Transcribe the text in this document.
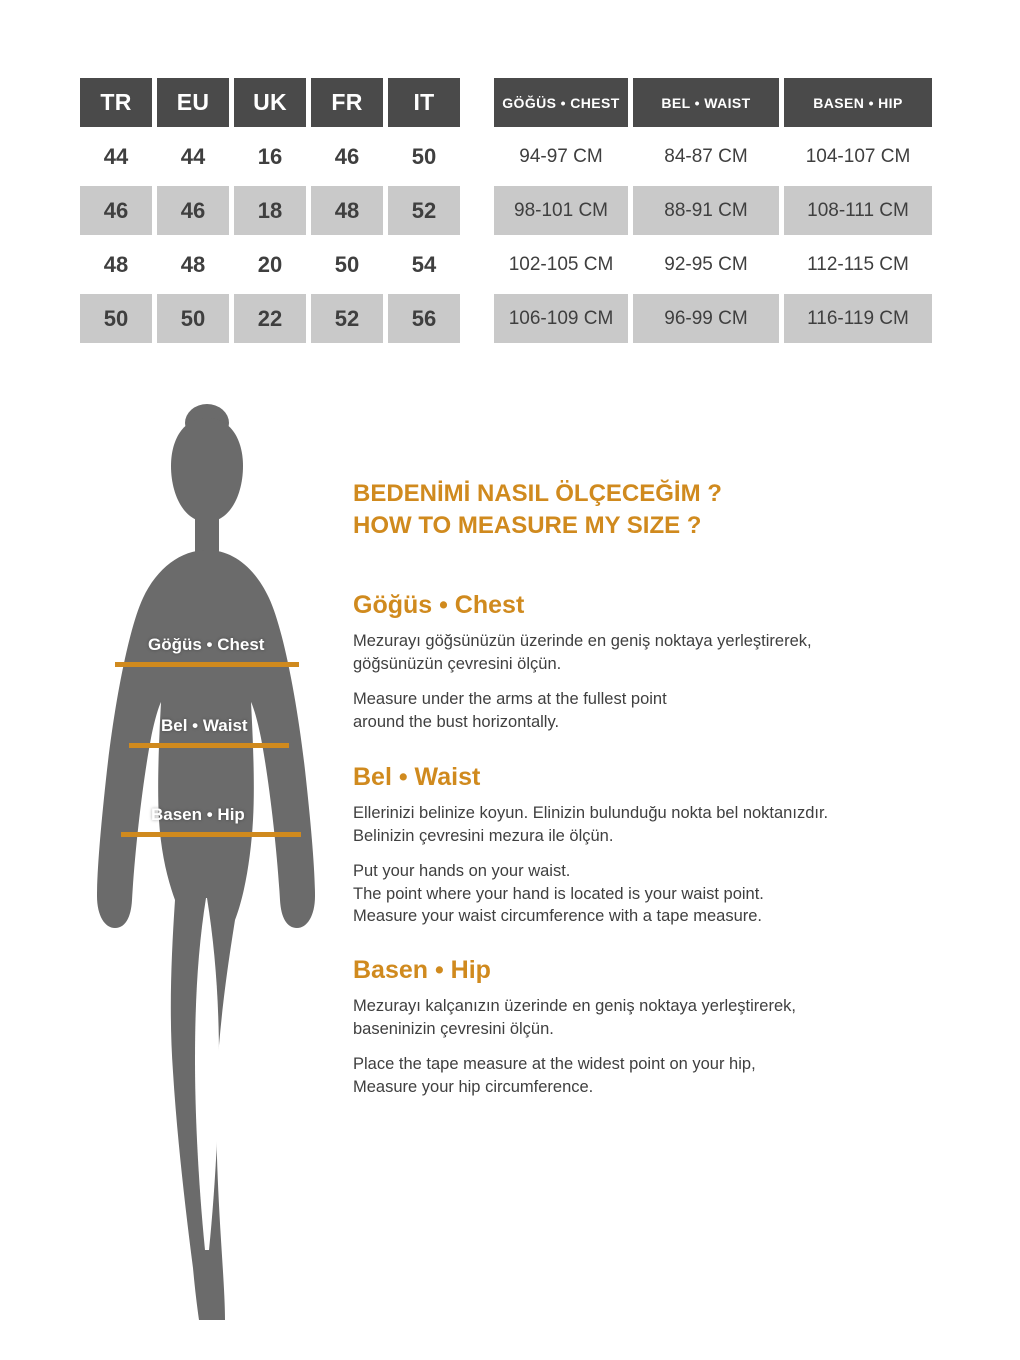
TR	EU	UK	FR	IT
44	44	16	46	50
46	46	18	48	52
48	48	20	50	54
50	50	22	52	56
GÖĞÜS • CHEST	BEL • WAIST	BASEN • HIP
94-97 CM	84-87 CM	104-107 CM
98-101 CM	88-91 CM	108-111 CM
102-105 CM	92-95 CM	112-115 CM
106-109 CM	96-99 CM	116-119 CM
Göğüs • Chest
Bel • Waist
Basen • Hip
BEDENİMİ NASIL ÖLÇECEĞİM ?
HOW TO MEASURE MY SIZE ?
Göğüs • Chest

Mezurayı göğsünüzün üzerinde en geniş noktaya yerleştirerek,
göğsünüzün çevresini ölçün.

Measure under the arms at the fullest point
around the bust horizontally.

Bel • Waist

Ellerinizi belinize koyun. Elinizin bulunduğu nokta bel noktanızdır.
Belinizin çevresini mezura ile ölçün.

Put your hands on your waist.
The point where your hand is located is your waist point.
Measure your waist circumference with a tape measure.

Basen • Hip

Mezurayı kalçanızın üzerinde en geniş noktaya yerleştirerek,
baseninizin çevresini ölçün.

Place the tape measure at the widest point on your hip,
Measure your hip circumference.
